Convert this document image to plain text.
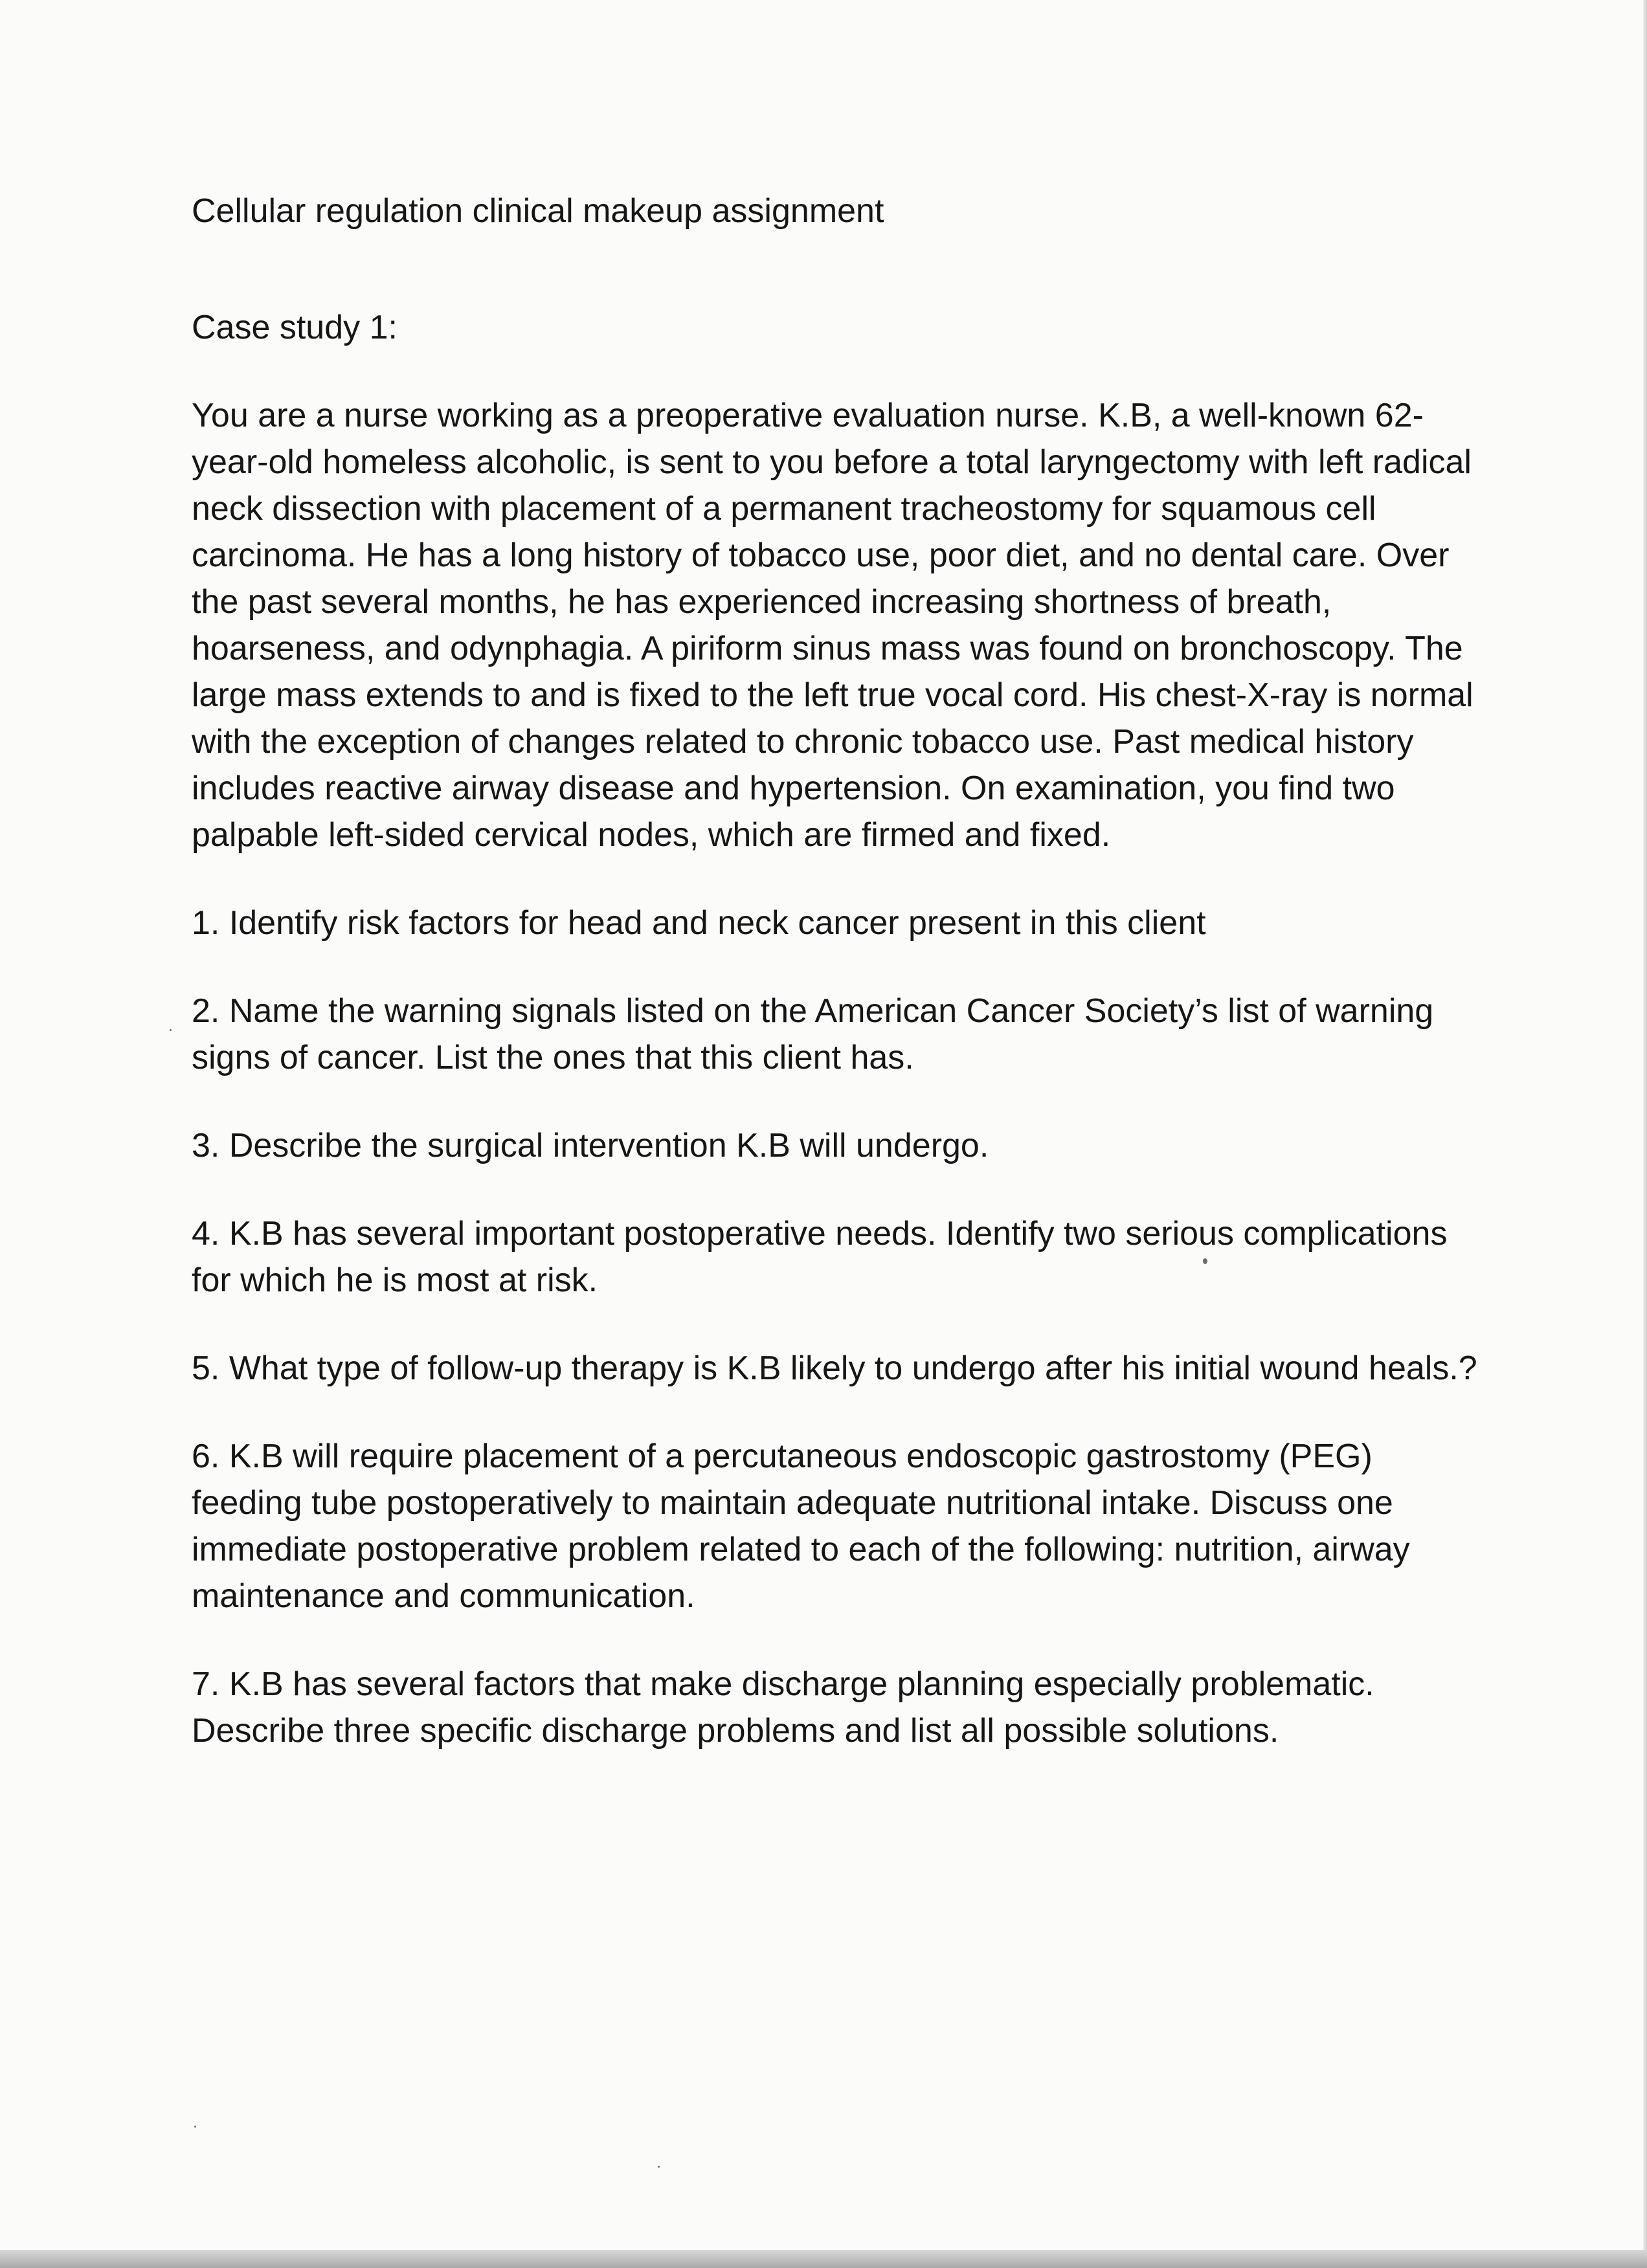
Cellular regulation clinical makeup assignment
Case study 1:
You are a nurse working as a preoperative evaluation nurse. K.B, a well-known 62-year-old homeless alcoholic, is sent to you before a total laryngectomy with left radical neck dissection with placement of a permanent tracheostomy for squamous cell carcinoma. He has a long history of tobacco use, poor diet, and no dental care. Over the past several months, he has experienced increasing shortness of breath, hoarseness, and odynphagia. A piriform sinus mass was found on bronchoscopy. The large mass extends to and is fixed to the left true vocal cord. His chest-X-ray is normal with the exception of changes related to chronic tobacco use. Past medical history includes reactive airway disease and hypertension. On examination, you find two palpable left-sided cervical nodes, which are firmed and fixed.
1. Identify risk factors for head and neck cancer present in this client
2. Name the warning signals listed on the American Cancer Society’s list of warning signs of cancer. List the ones that this client has.
3. Describe the surgical intervention K.B will undergo.
4. K.B has several important postoperative needs. Identify two serious complications for which he is most at risk.
5. What type of follow-up therapy is K.B likely to undergo after his initial wound heals.?
6. K.B will require placement of a percutaneous endoscopic gastrostomy (PEG) feeding tube postoperatively to maintain adequate nutritional intake. Discuss one immediate postoperative problem related to each of the following: nutrition, airway maintenance and communication.
7. K.B has several factors that make discharge planning especially problematic. Describe three specific discharge problems and list all possible solutions.
